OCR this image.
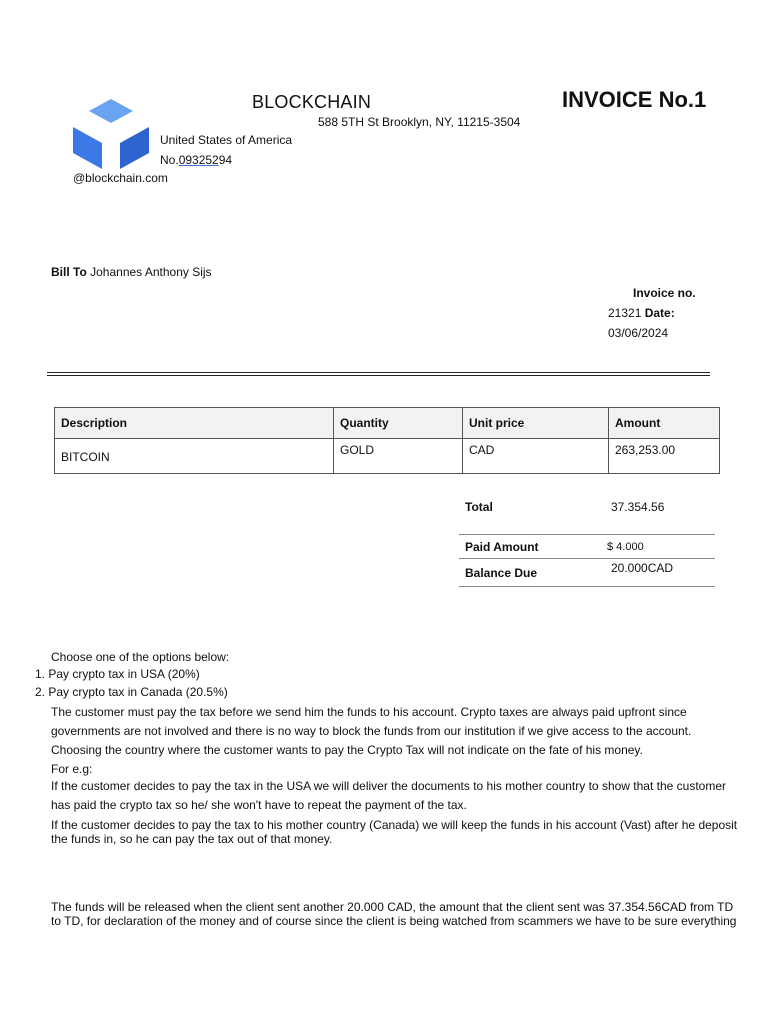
BLOCKCHAIN
588 5TH St Brooklyn, NY, 11215-3504
United States of America
No.09325294
@blockchain.com
INVOICE No.1
Bill To Johannes Anthony Sijs
Invoice no.
21321 Date:
03/06/2024
Description	Quantity	Unit price	Amount
BITCOIN	GOLD	CAD	263,253.00
Total	37.354.56
Paid Amount	$ 4.000
Balance Due	20.000CAD
Choose one of the options below:
1. Pay crypto tax in USA (20%)
2. Pay crypto tax in Canada (20.5%)
The customer must pay the tax before we send him the funds to his account. Crypto taxes are always paid upfront since
governments are not involved and there is no way to block the funds from our institution if we give access to the account.
Choosing the country where the customer wants to pay the Crypto Tax will not indicate on the fate of his money.
For e.g:
If the customer decides to pay the tax in the USA we will deliver the documents to his mother country to show that the customer
has paid the crypto tax so he/ she won't have to repeat the payment of the tax.
If the customer decides to pay the tax to his mother country (Canada) we will keep the funds in his account (Vast) after he deposit
the funds in, so he can pay the tax out of that money.
The funds will be released when the client sent another 20.000 CAD, the amount that the client sent was 37.354.56CAD from TD
to TD, for declaration of the money and of course since the client is being watched from scammers we have to be sure everything
